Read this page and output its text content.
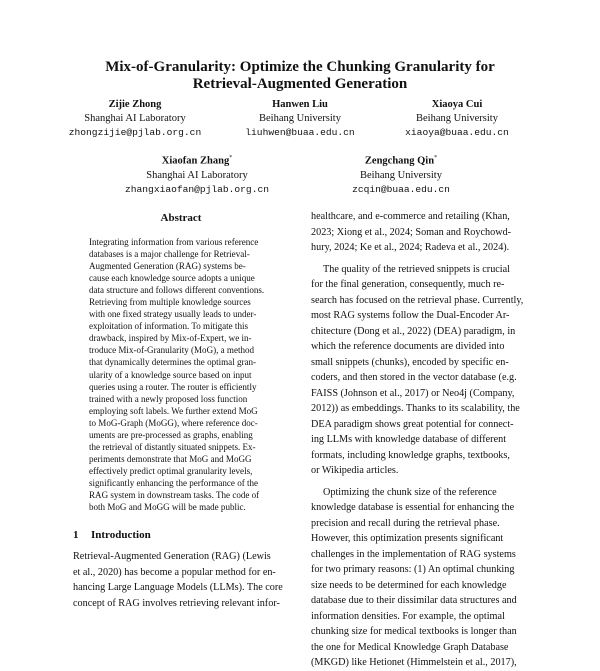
Mix-of-Granularity: Optimize the Chunking Granularity for
Retrieval-Augmented Generation
Zijie Zhong
Shanghai AI Laboratory
zhongzijie@pjlab.org.cn
Hanwen Liu
Beihang University
liuhwen@buaa.edu.cn
Xiaoya Cui
Beihang University
xiaoya@buaa.edu.cn
Xiaofan Zhang*
Shanghai AI Laboratory
zhangxiaofan@pjlab.org.cn
Zengchang Qin*
Beihang University
zcqin@buaa.edu.cn
Abstract
Integrating information from various reference
databases is a major challenge for Retrieval-
Augmented Generation (RAG) systems be-
cause each knowledge source adopts a unique
data structure and follows different conventions.
Retrieving from multiple knowledge sources
with one fixed strategy usually leads to under-
exploitation of information. To mitigate this
drawback, inspired by Mix-of-Expert, we in-
troduce Mix-of-Granularity (MoG), a method
that dynamically determines the optimal gran-
ularity of a knowledge source based on input
queries using a router. The router is efficiently
trained with a newly proposed loss function
employing soft labels. We further extend MoG
to MoG-Graph (MoGG), where reference doc-
uments are pre-processed as graphs, enabling
the retrieval of distantly situated snippets. Ex-
periments demonstrate that MoG and MoGG
effectively predict optimal granularity levels,
significantly enhancing the performance of the
RAG system in downstream tasks. The code of
both MoG and MoGG will be made public.
1 Introduction
Retrieval-Augmented Generation (RAG) (Lewis
et al., 2020) has become a popular method for en-
hancing Large Language Models (LLMs). The core
concept of RAG involves retrieving relevant infor-
healthcare, and e-commerce and retailing (Khan,
2023; Xiong et al., 2024; Soman and Roychowd-
hury, 2024; Ke et al., 2024; Radeva et al., 2024).
The quality of the retrieved snippets is crucial
for the final generation, consequently, much re-
search has focused on the retrieval phase. Currently,
most RAG systems follow the Dual-Encoder Ar-
chitecture (Dong et al., 2022) (DEA) paradigm, in
which the reference documents are divided into
small snippets (chunks), encoded by specific en-
coders, and then stored in the vector database (e.g.
FAISS (Johnson et al., 2017) or Neo4j (Company,
2012)) as embeddings. Thanks to its scalability, the
DEA paradigm shows great potential for connect-
ing LLMs with knowledge database of different
formats, including knowledge graphs, textbooks,
or Wikipedia articles.
Optimizing the chunk size of the reference
knowledge database is essential for enhancing the
precision and recall during the retrieval phase.
However, this optimization presents significant
challenges in the implementation of RAG systems
for two primary reasons: (1) An optimal chunking
size needs to be determined for each knowledge
database due to their dissimilar data structures and
information densities. For example, the optimal
chunking size for medical textbooks is longer than
the one for Medical Knowledge Graph Database
(MKGD) like Hetionet (Himmelstein et al., 2017),
